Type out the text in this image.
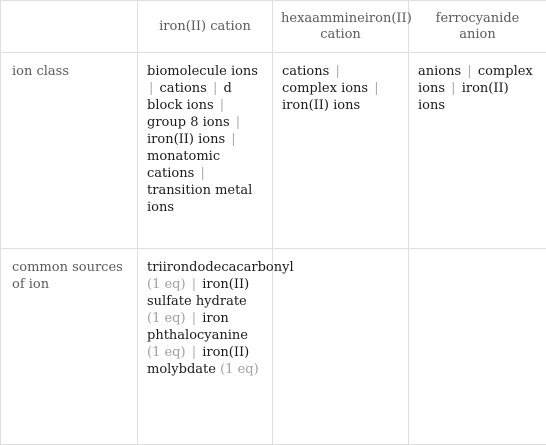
	iron(II) cation	hexaammineiron(II) cation	ferrocyanide anion
ion class	biomolecule ions | cations | d block ions | group 8 ions | iron(II) ions | monatomic cations | transition metal ions	cations | complex ions | iron(II) ions	anions | complex ions | iron(II) ions
common sources of ion	triirondodecacarbonyl (1 eq) | iron(II) sulfate hydrate (1 eq) | iron phthalocyanine (1 eq) | iron(II) molybdate (1 eq)		
